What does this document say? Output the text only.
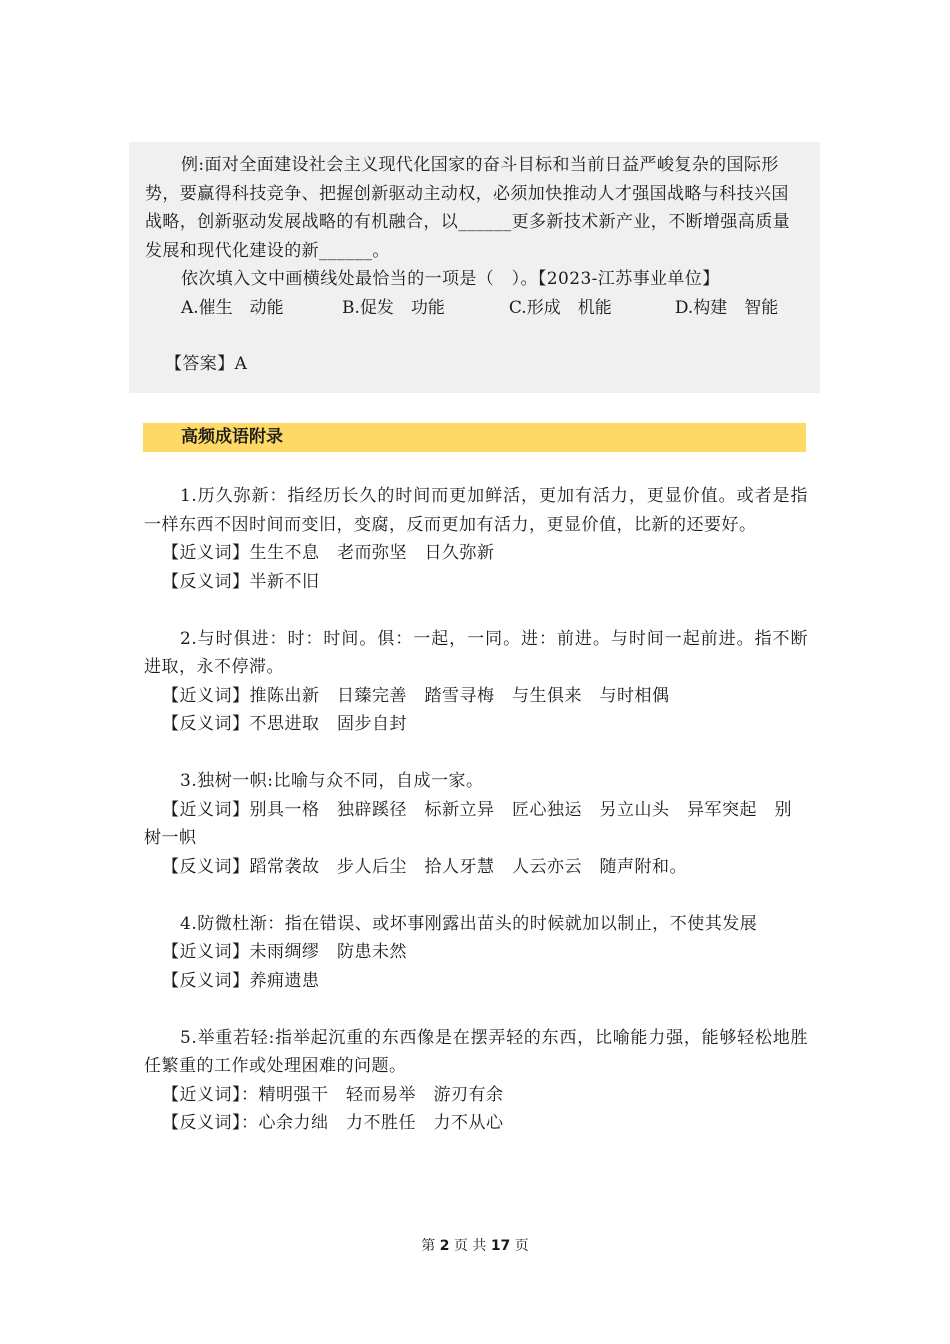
例:面对全面建设社会主义现代化国家的奋斗目标和当前日益严峻复杂的国际形势，要赢得科技竞争、把握创新驱动主动权，必须加快推动人才强国战略与科技兴国战略，创新驱动发展战略的有机融合，以______更多新技术新产业，不断增强高质量发展和现代化建设的新______。

依次填入文中画横线处最恰当的一项是（　）。【2023-江苏事业单位】

A.催生　动能	B.促发　功能	C.形成　机能	D.构建　智能

【答案】A

高频成语附录

1.历久弥新：指经历长久的时间而更加鲜活，更加有活力，更显价值。或者是指一样东西不因时间而变旧，变腐，反而更加有活力，更显价值，比新的还要好。

【近义词】生生不息　老而弥坚　日久弥新

【反义词】半新不旧

2.与时俱进：时：时间。俱：一起，一同。进：前进。与时间一起前进。指不断进取，永不停滞。

【近义词】推陈出新　日臻完善　踏雪寻梅　与生俱来　与时相偶

【反义词】不思进取　固步自封

3.独树一帜:比喻与众不同，自成一家。

【近义词】别具一格　独辟蹊径　标新立异　匠心独运　另立山头　异军突起　别树一帜

【反义词】蹈常袭故　步人后尘　拾人牙慧　人云亦云　随声附和。

4.防微杜渐：指在错误、或坏事刚露出苗头的时候就加以制止，不使其发展

【近义词】未雨绸缪　防患未然

【反义词】养痈遗患

5.举重若轻:指举起沉重的东西像是在摆弄轻的东西，比喻能力强，能够轻松地胜任繁重的工作或处理困难的问题。

【近义词】：精明强干　轻而易举　游刃有余

【反义词】：心余力绌　力不胜任　力不从心

第 2 页 共 17 页
